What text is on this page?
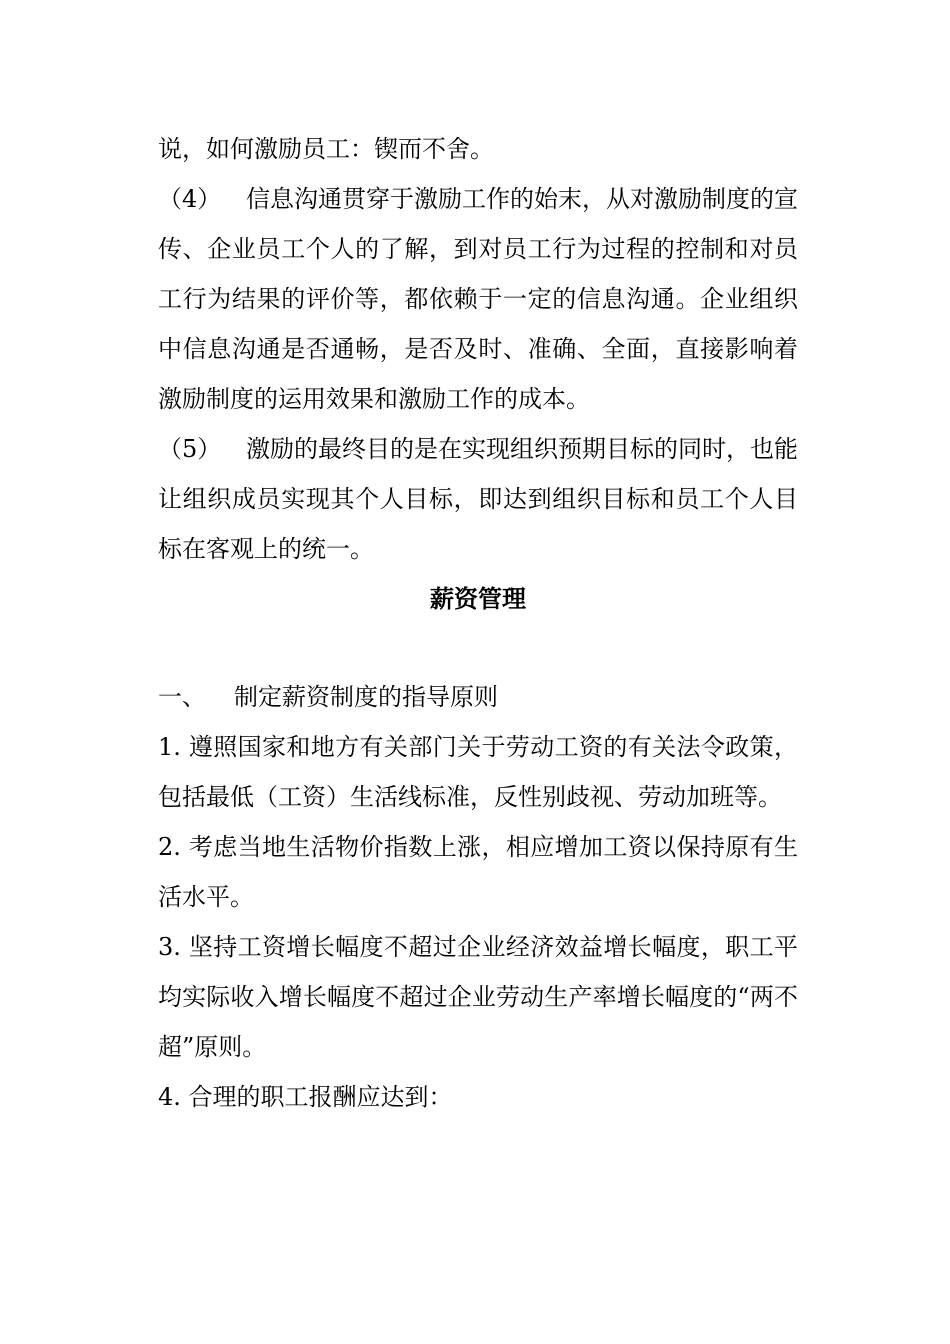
说，如何激励员工：锲而不舍。

（4） 信息沟通贯穿于激励工作的始末，从对激励制度的宣传、企业员工个人的了解，到对员工行为过程的控制和对员工行为结果的评价等，都依赖于一定的信息沟通。企业组织中信息沟通是否通畅，是否及时、准确、全面，直接影响着激励制度的运用效果和激励工作的成本。

（5） 激励的最终目的是在实现组织预期目标的同时，也能让组织成员实现其个人目标，即达到组织目标和员工个人目标在客观上的统一。

薪资管理

一、 制定薪资制度的指导原则

1. 遵照国家和地方有关部门关于劳动工资的有关法令政策，包括最低（工资）生活线标准，反性别歧视、劳动加班等。

2. 考虑当地生活物价指数上涨，相应增加工资以保持原有生活水平。

3. 坚持工资增长幅度不超过企业经济效益增长幅度，职工平均实际收入增长幅度不超过企业劳动生产率增长幅度的“两不超”原则。

4. 合理的职工报酬应达到：
